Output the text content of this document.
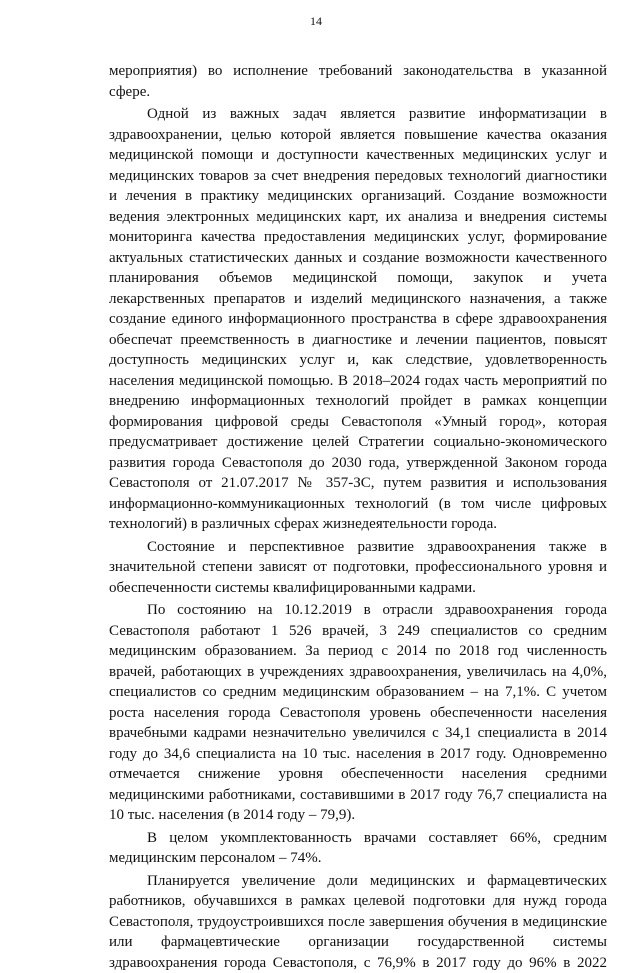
14

мероприятия) во исполнение требований законодательства в указанной сфере.

Одной из важных задач является развитие информатизации в здравоохранении, целью которой является повышение качества оказания медицинской помощи и доступности качественных медицинских услуг и медицинских товаров за счет внедрения передовых технологий диагностики и лечения в практику медицинских организаций. Создание возможности ведения электронных медицинских карт, их анализа и внедрения системы мониторинга качества предоставления медицинских услуг, формирование актуальных статистических данных и создание возможности качественного планирования объемов медицинской помощи, закупок и учета лекарственных препаратов и изделий медицинского назначения, а также создание единого информационного пространства в сфере здравоохранения обеспечат преемственность в диагностике и лечении пациентов, повысят доступность медицинских услуг и, как следствие, удовлетворенность населения медицинской помощью. В 2018–2024 годах часть мероприятий по внедрению информационных технологий пройдет в рамках концепции формирования цифровой среды Севастополя «Умный город», которая предусматривает достижение целей Стратегии социально-экономического развития города Севастополя до 2030 года, утвержденной Законом города Севастополя от 21.07.2017 № 357-ЗС, путем развития и использования информационно-коммуникационных технологий (в том числе цифровых технологий) в различных сферах жизнедеятельности города.

Состояние и перспективное развитие здравоохранения также в значительной степени зависят от подготовки, профессионального уровня и обеспеченности системы квалифицированными кадрами.

По состоянию на 10.12.2019 в отрасли здравоохранения города Севастополя работают 1 526 врачей, 3 249 специалистов со средним медицинским образованием. За период с 2014 по 2018 год численность врачей, работающих в учреждениях здравоохранения, увеличилась на 4,0%, специалистов со средним медицинским образованием – на 7,1%. С учетом роста населения города Севастополя уровень обеспеченности населения врачебными кадрами незначительно увеличился с 34,1 специалиста в 2014 году до 34,6 специалиста на 10 тыс. населения в 2017 году. Одновременно отмечается снижение уровня обеспеченности населения средними медицинскими работниками, составившими в 2017 году 76,7 специалиста на 10 тыс. населения (в 2014 году – 79,9).

В целом укомплектованность врачами составляет 66%, средним медицинским персоналом – 74%.

Планируется увеличение доли медицинских и фармацевтических работников, обучавшихся в рамках целевой подготовки для нужд города Севастополя, трудоустроившихся после завершения обучения в медицинские или фармацевтические организации государственной системы здравоохранения города Севастополя, с 76,9% в 2017 году до 96% в 2022
